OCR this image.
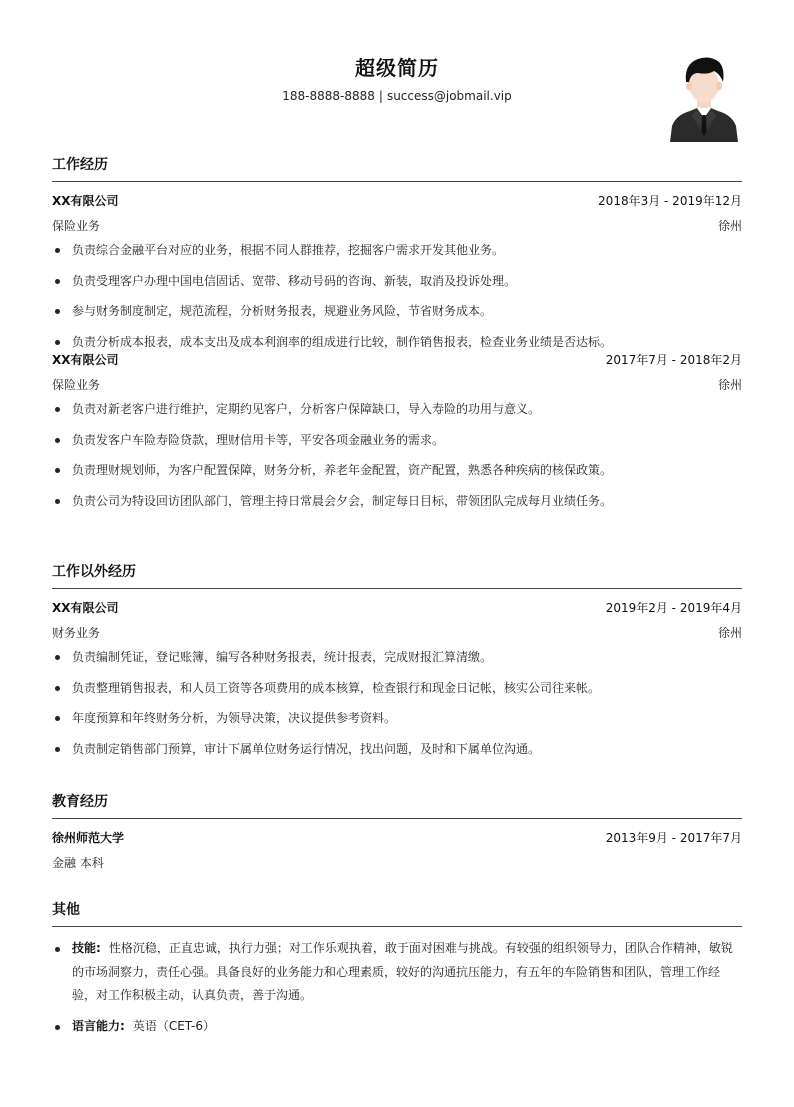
超级简历
188-8888-8888 | success@jobmail.vip
工作经历
XX有限公司	2018年3月 - 2019年12月
保险业务	徐州
负责综合金融平台对应的业务，根据不同人群推荐，挖掘客户需求开发其他业务。
负责受理客户办理中国电信固话、宽带、移动号码的咨询、新装，取消及投诉处理。
参与财务制度制定，规范流程，分析财务报表，规避业务风险，节省财务成本。
负责分析成本报表，成本支出及成本利润率的组成进行比较，制作销售报表，检查业务业绩是否达标。
XX有限公司	2017年7月 - 2018年2月
保险业务	徐州
负责对新老客户进行维护，定期约见客户，分析客户保障缺口，导入寿险的功用与意义。
负责发客户车险寿险贷款，理财信用卡等，平安各项金融业务的需求。
负责理财规划师，为客户配置保障，财务分析，养老年金配置，资产配置，熟悉各种疾病的核保政策。
负责公司为特设回访团队部门，管理主持日常晨会夕会，制定每日目标，带领团队完成每月业绩任务。
工作以外经历
XX有限公司	2019年2月 - 2019年4月
财务业务	徐州
负责编制凭证，登记账簿，编写各种财务报表，统计报表，完成财报汇算清缴。
负责整理销售报表，和人员工资等各项费用的成本核算，检查银行和现金日记帐，核实公司往来帐。
年度预算和年终财务分析，为领导决策，决议提供参考资料。
负责制定销售部门预算，审计下属单位财务运行情况，找出问题，及时和下属单位沟通。
教育经历
徐州师范大学	2013年9月 - 2017年7月
金融 本科
其他
技能: 性格沉稳，正直忠诚，执行力强；对工作乐观执着，敢于面对困难与挑战。有较强的组织领导力，团队合作精神，敏锐的市场洞察力，责任心强。具备良好的业务能力和心理素质，较好的沟通抗压能力，有五年的车险销售和团队，管理工作经验，对工作积极主动，认真负责，善于沟通。
语言能力: 英语（CET-6）
